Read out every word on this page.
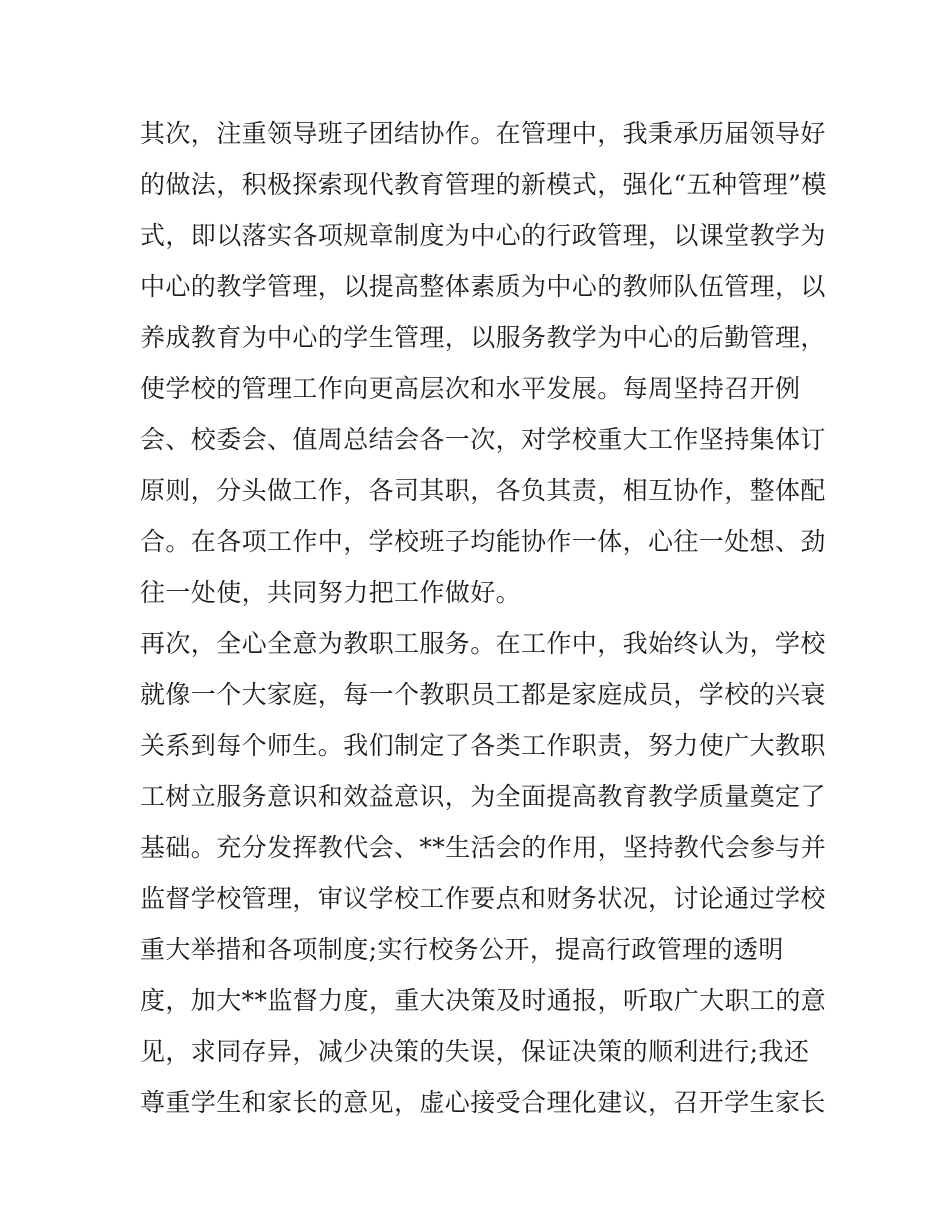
其次，注重领导班子团结协作。在管理中，我秉承历届领导好
的做法，积极探索现代教育管理的新模式，强化“五种管理”模
式，即以落实各项规章制度为中心的行政管理，以课堂教学为
中心的教学管理，以提高整体素质为中心的教师队伍管理，以
养成教育为中心的学生管理，以服务教学为中心的后勤管理，
使学校的管理工作向更高层次和水平发展。每周坚持召开例
会、校委会、值周总结会各一次，对学校重大工作坚持集体订
原则，分头做工作，各司其职，各负其责，相互协作，整体配
合。在各项工作中，学校班子均能协作一体，心往一处想、劲
往一处使，共同努力把工作做好。
再次，全心全意为教职工服务。在工作中，我始终认为，学校
就像一个大家庭，每一个教职员工都是家庭成员，学校的兴衰
关系到每个师生。我们制定了各类工作职责，努力使广大教职
工树立服务意识和效益意识，为全面提高教育教学质量奠定了
基础。充分发挥教代会、**生活会的作用，坚持教代会参与并
监督学校管理，审议学校工作要点和财务状况，讨论通过学校
重大举措和各项制度;实行校务公开，提高行政管理的透明
度，加大**监督力度，重大决策及时通报，听取广大职工的意
见，求同存异，减少决策的失误，保证决策的顺利进行;我还
尊重学生和家长的意见，虚心接受合理化建议，召开学生家长
